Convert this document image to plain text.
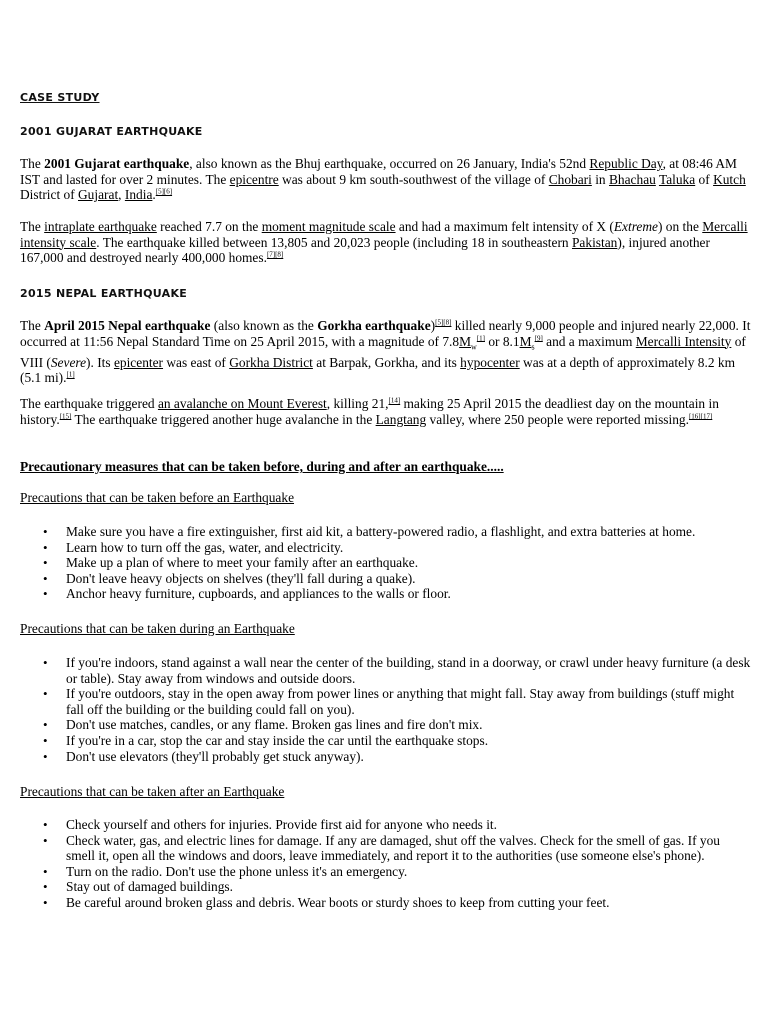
CASE STUDY
2001 GUJARAT EARTHQUAKE

The 2001 Gujarat earthquake, also known as the Bhuj earthquake, occurred on 26 January, India's 52nd Republic Day, at 08:46 AM IST and lasted for over 2 minutes. The epicentre was about 9 km south-southwest of the village of Chobari in Bhachau Taluka of Kutch District of Gujarat, India.[5][6]

The intraplate earthquake reached 7.7 on the moment magnitude scale and had a maximum felt intensity of X (Extreme) on the Mercalli intensity scale. The earthquake killed between 13,805 and 20,023 people (including 18 in southeastern Pakistan), injured another 167,000 and destroyed nearly 400,000 homes.[7][8]

2015 NEPAL EARTHQUAKE

The April 2015 Nepal earthquake (also known as the Gorkha earthquake)[5][8] killed nearly 9,000 people and injured nearly 22,000. It occurred at 11:56 Nepal Standard Time on 25 April 2015, with a magnitude of $7.8M_w[1]$ or $8.1M_s[9]$ and a maximum Mercalli Intensity of VIII (Severe). Its epicenter was east of Gorkha District at Barpak, Gorkha, and its hypocenter was at a depth of approximately 8.2 km (5.1 mi).[1]

The earthquake triggered an avalanche on Mount Everest, killing 21,[14] making 25 April 2015 the deadliest day on the mountain in history.[15] The earthquake triggered another huge avalanche in the Langtang valley, where 250 people were reported missing.[16][17]

Precautionary measures that can be taken before, during and after an earthquake.....

Precautions that can be taken before an Earthquake

• Make sure you have a fire extinguisher, first aid kit, a battery-powered radio, a flashlight, and extra batteries at home.
• Learn how to turn off the gas, water, and electricity.
• Make up a plan of where to meet your family after an earthquake.
• Don't leave heavy objects on shelves (they'll fall during a quake).
• Anchor heavy furniture, cupboards, and appliances to the walls or floor.

Precautions that can be taken during an Earthquake

• If you're indoors, stand against a wall near the center of the building, stand in a doorway, or crawl under heavy furniture (a desk or table). Stay away from windows and outside doors.
• If you're outdoors, stay in the open away from power lines or anything that might fall. Stay away from buildings (stuff might fall off the building or the building could fall on you).
• Don't use matches, candles, or any flame. Broken gas lines and fire don't mix.
• If you're in a car, stop the car and stay inside the car until the earthquake stops.
• Don't use elevators (they'll probably get stuck anyway).

Precautions that can be taken after an Earthquake

• Check yourself and others for injuries. Provide first aid for anyone who needs it.
• Check water, gas, and electric lines for damage. If any are damaged, shut off the valves. Check for the smell of gas. If you smell it, open all the windows and doors, leave immediately, and report it to the authorities (use someone else's phone).
• Turn on the radio. Don't use the phone unless it's an emergency.
• Stay out of damaged buildings.
• Be careful around broken glass and debris. Wear boots or sturdy shoes to keep from cutting your feet.
